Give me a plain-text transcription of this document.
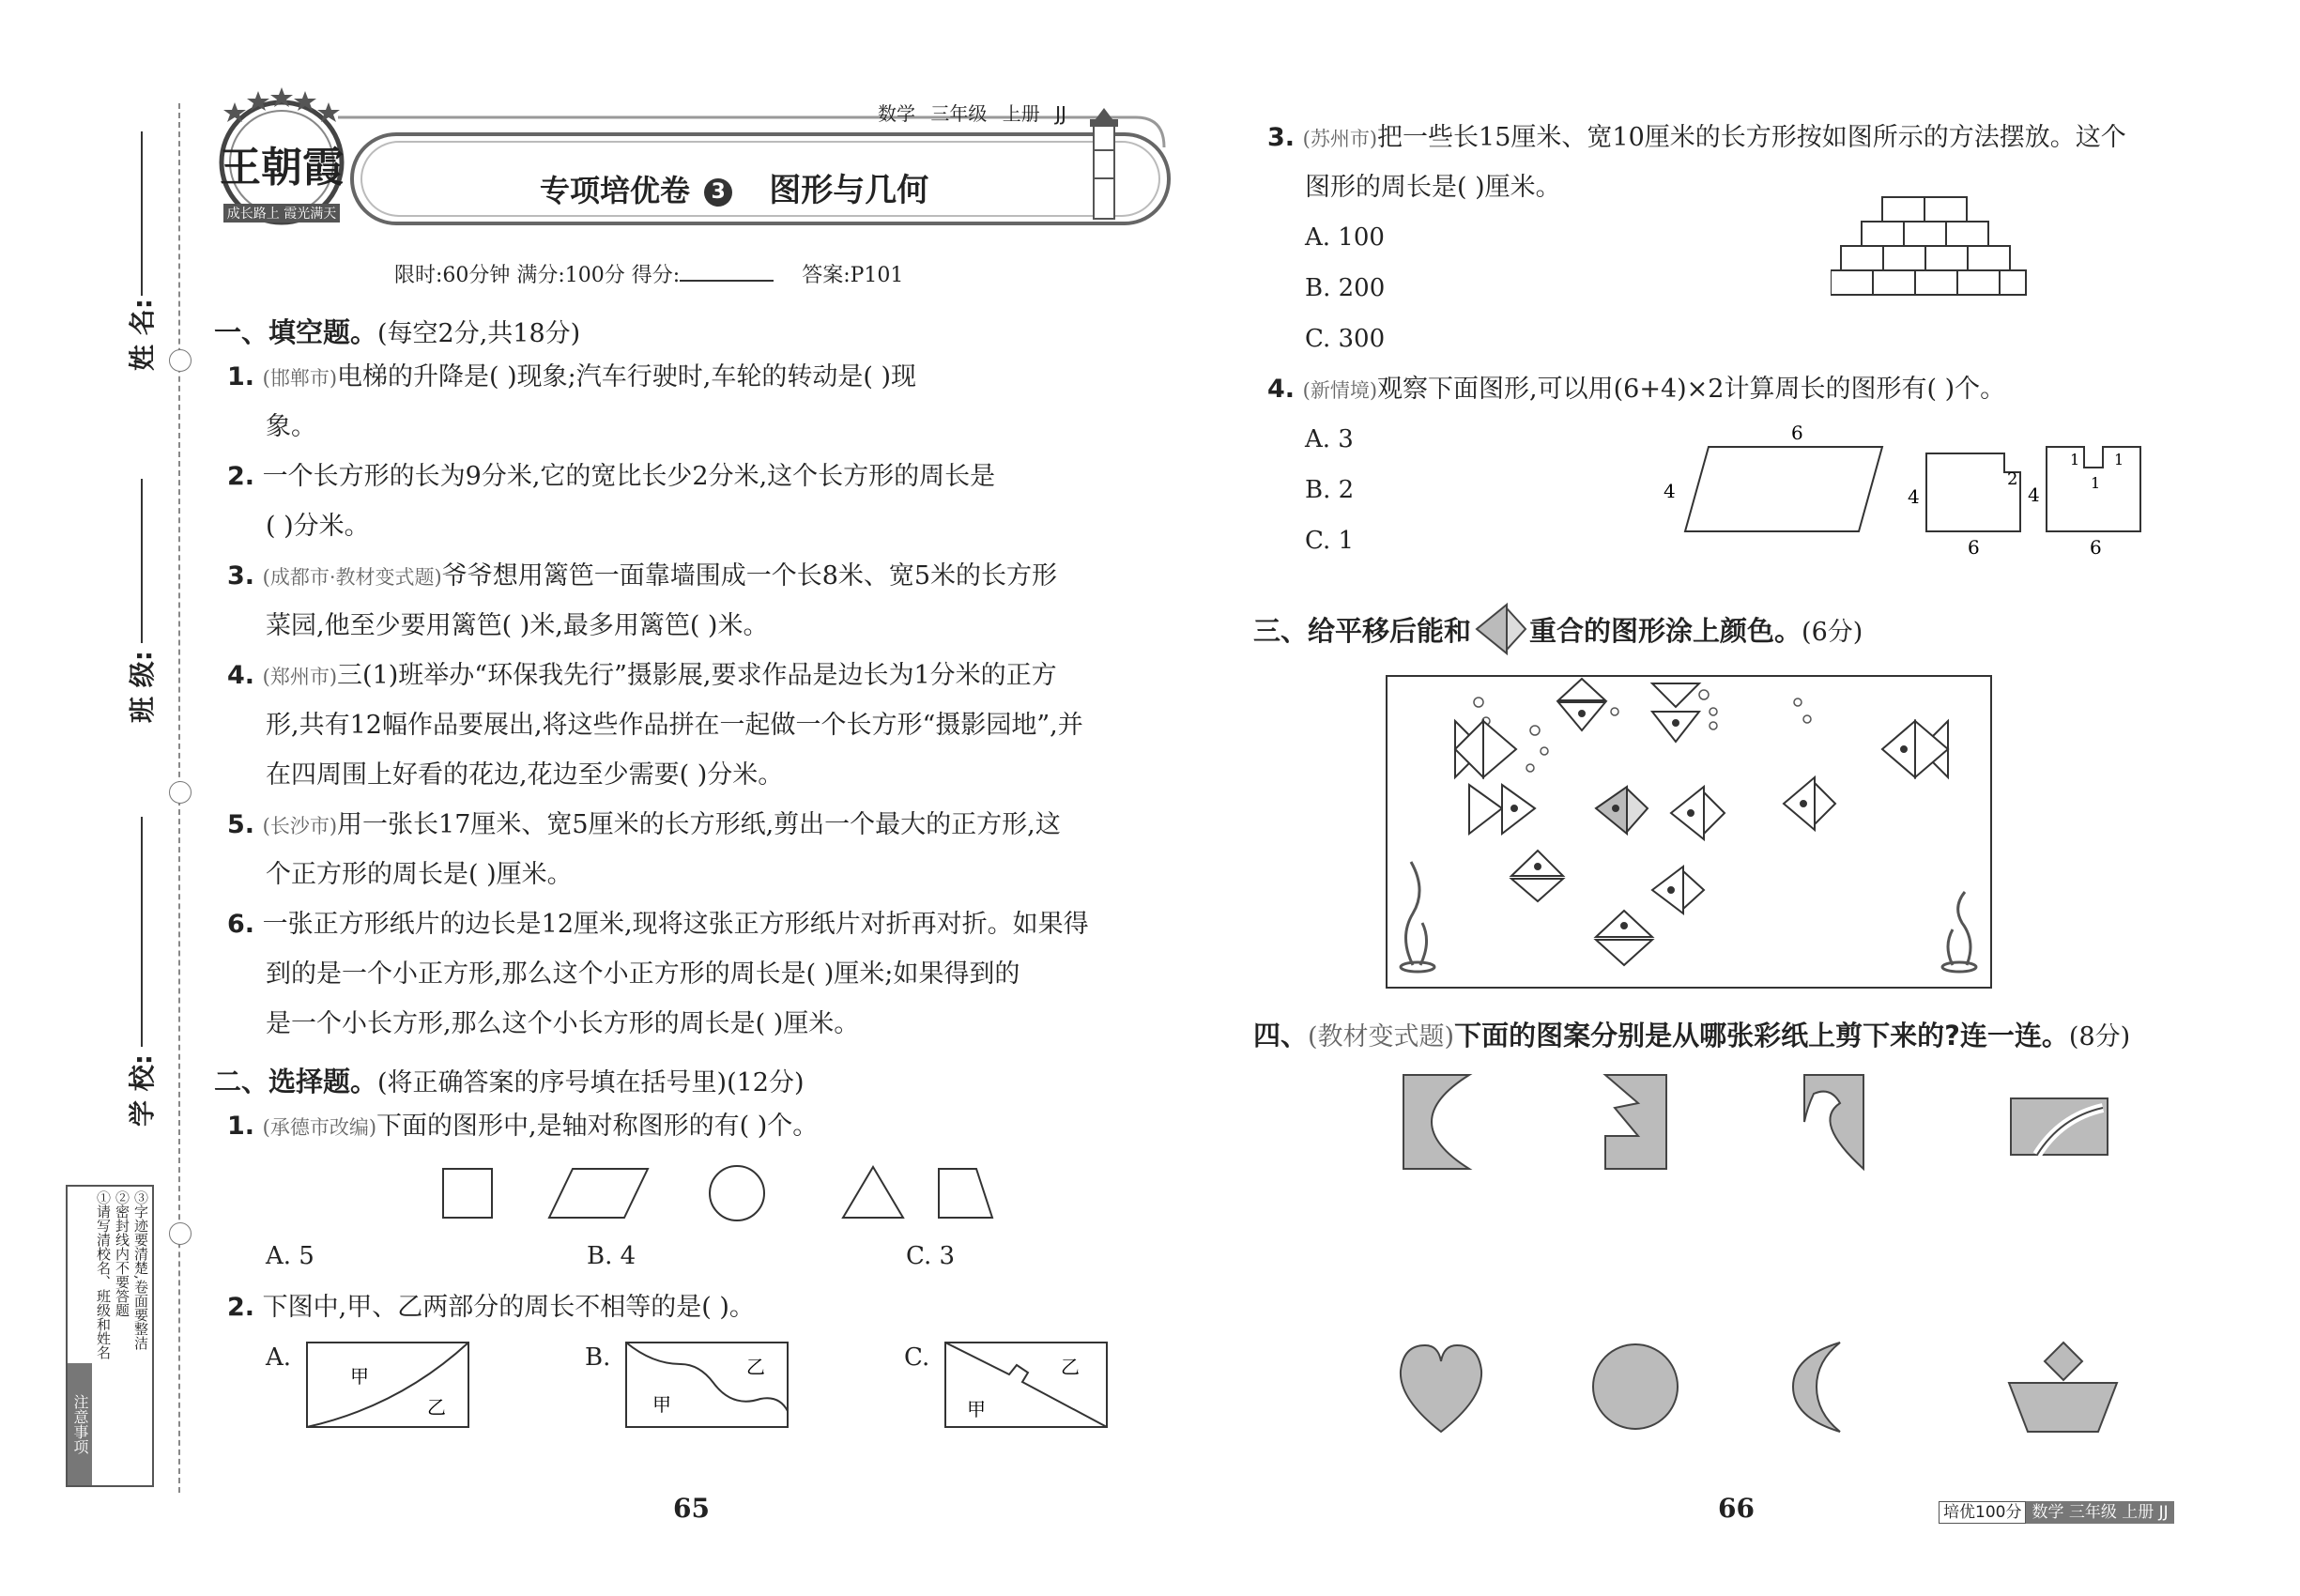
姓 名:
班 级:
学 校:
注意事项
①请写清校名、班级和姓名 ②密封线内不要答题 ③字迹要清楚,卷面要整洁
王朝霞
成长路上 霞光满天
数学 三年级 上册 JJ
专项培优卷 3 图形与几何
限时:60分钟 满分:100分 得分:	答案:P101
一、填空题。(每空2分,共18分)
1. (邯郸市)电梯的升降是( )现象;汽车行驶时,车轮的转动是( )现
象。
2. 一个长方形的长为9分米,它的宽比长少2分米,这个长方形的周长是
( )分米。
3. (成都市·教材变式题)爷爷想用篱笆一面靠墙围成一个长8米、宽5米的长方形
菜园,他至少要用篱笆( )米,最多用篱笆( )米。
4. (郑州市)三(1)班举办“环保我先行”摄影展,要求作品是边长为1分米的正方
形,共有12幅作品要展出,将这些作品拼在一起做一个长方形“摄影园地”,并
在四周围上好看的花边,花边至少需要( )分米。
5. (长沙市)用一张长17厘米、宽5厘米的长方形纸,剪出一个最大的正方形,这
个正方形的周长是( )厘米。
6. 一张正方形纸片的边长是12厘米,现将这张正方形纸片对折再对折。如果得
到的是一个小正方形,那么这个小正方形的周长是( )厘米;如果得到的
是一个小长方形,那么这个小长方形的周长是( )厘米。
二、选择题。(将正确答案的序号填在括号里)(12分)
1. (承德市改编)下面的图形中,是轴对称图形的有( )个。
A. 5	B. 4	C. 3
2. 下图中,甲、乙两部分的周长不相等的是( )。
A.	B.	C.
甲
乙	甲
乙
甲
乙
3. (苏州市)把一些长15厘米、宽10厘米的长方形按如图所示的方法摆放。这个
图形的周长是( )厘米。
A. 100
B. 200
C. 300
4. (新情境)观察下面图形,可以用(6+4)×2计算周长的图形有( )个。
A. 3
B. 2
C. 1
6
4	4
2
6
4
1
1
1
6
三、给平移后能和 重合的图形涂上颜色。(6分)
四、(教材变式题)下面的图案分别是从哪张彩纸上剪下来的?连一连。(8分)
65	66	培优100分 数学 三年级 上册 JJ
